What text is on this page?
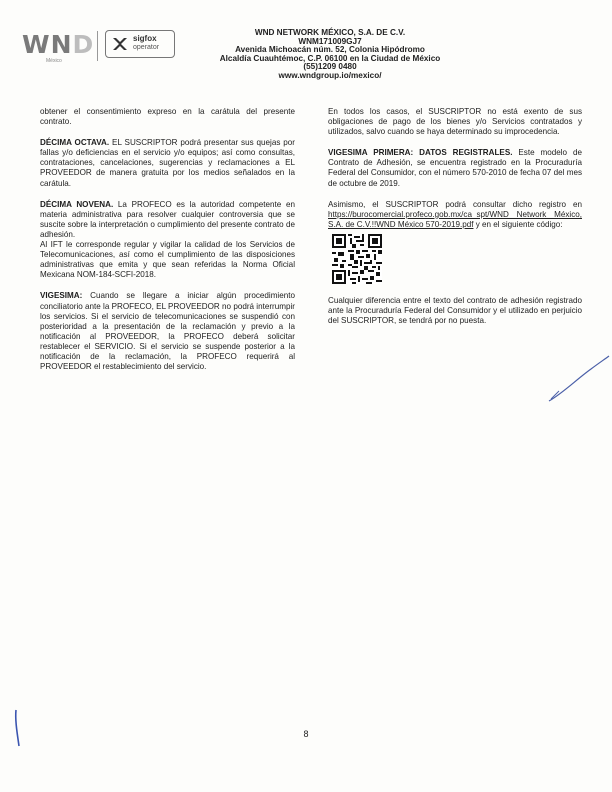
WND
México
sigfox
operator
WND NETWORK MÉXICO, S.A. DE C.V.
WNM171009GJ7
Avenida Michoacán núm. 52, Colonia Hipódromo
Alcaldía Cuauhtémoc, C.P. 06100 en la Ciudad de México
(55)1209 0480
www.wndgroup.io/mexico/

obtener el consentimiento expreso en la carátula del presente contrato.

DÉCIMA OCTAVA. EL SUSCRIPTOR podrá presentar sus quejas por fallas y/o deficiencias en el servicio y/o equipos; así como consultas, contrataciones, cancelaciones, sugerencias y reclamaciones a EL PROVEEDOR de manera gratuita por los medios señalados en la carátula.

DÉCIMA NOVENA. La PROFECO es la autoridad competente en materia administrativa para resolver cualquier controversia que se suscite sobre la interpretación o cumplimiento del presente contrato de adhesión.

Al IFT le corresponde regular y vigilar la calidad de los Servicios de Telecomunicaciones, así como el cumplimiento de las disposiciones administrativas que emita y que sean referidas la Norma Oficial Mexicana NOM-184-SCFI-2018.

VIGESIMA: Cuando se llegare a iniciar algún procedimiento conciliatorio ante la PROFECO, EL PROVEEDOR no podrá interrumpir los servicios. Si el servicio de telecomunicaciones se suspendió con posterioridad a la presentación de la reclamación y previo a la notificación al PROVEEDOR, la PROFECO deberá solicitar restablecer el SERVICIO. Si el servicio se suspende posterior a la notificación de la reclamación, la PROFECO requerirá al PROVEEDOR el restablecimiento del servicio.

En todos los casos, el SUSCRIPTOR no está exento de sus obligaciones de pago de los bienes y/o Servicios contratados y utilizados, salvo cuando se haya determinado su improcedencia.

VIGESIMA PRIMERA: DATOS REGISTRALES. Este modelo de Contrato de Adhesión, se encuentra registrado en la Procuraduría Federal del Consumidor, con el número 570-2010 de fecha 07 del mes de octubre de 2019.

Asimismo, el SUSCRIPTOR podrá consultar dicho registro en https://burocomercial.profeco.gob.mx/ca_spt/WND Network México, S.A. de C.V.!!WND México 570-2019.pdf y en el siguiente código:

Cualquier diferencia entre el texto del contrato de adhesión registrado ante la Procuraduría Federal del Consumidor y el utilizado en perjuicio del SUSCRIPTOR, se tendrá por no puesta.

8
